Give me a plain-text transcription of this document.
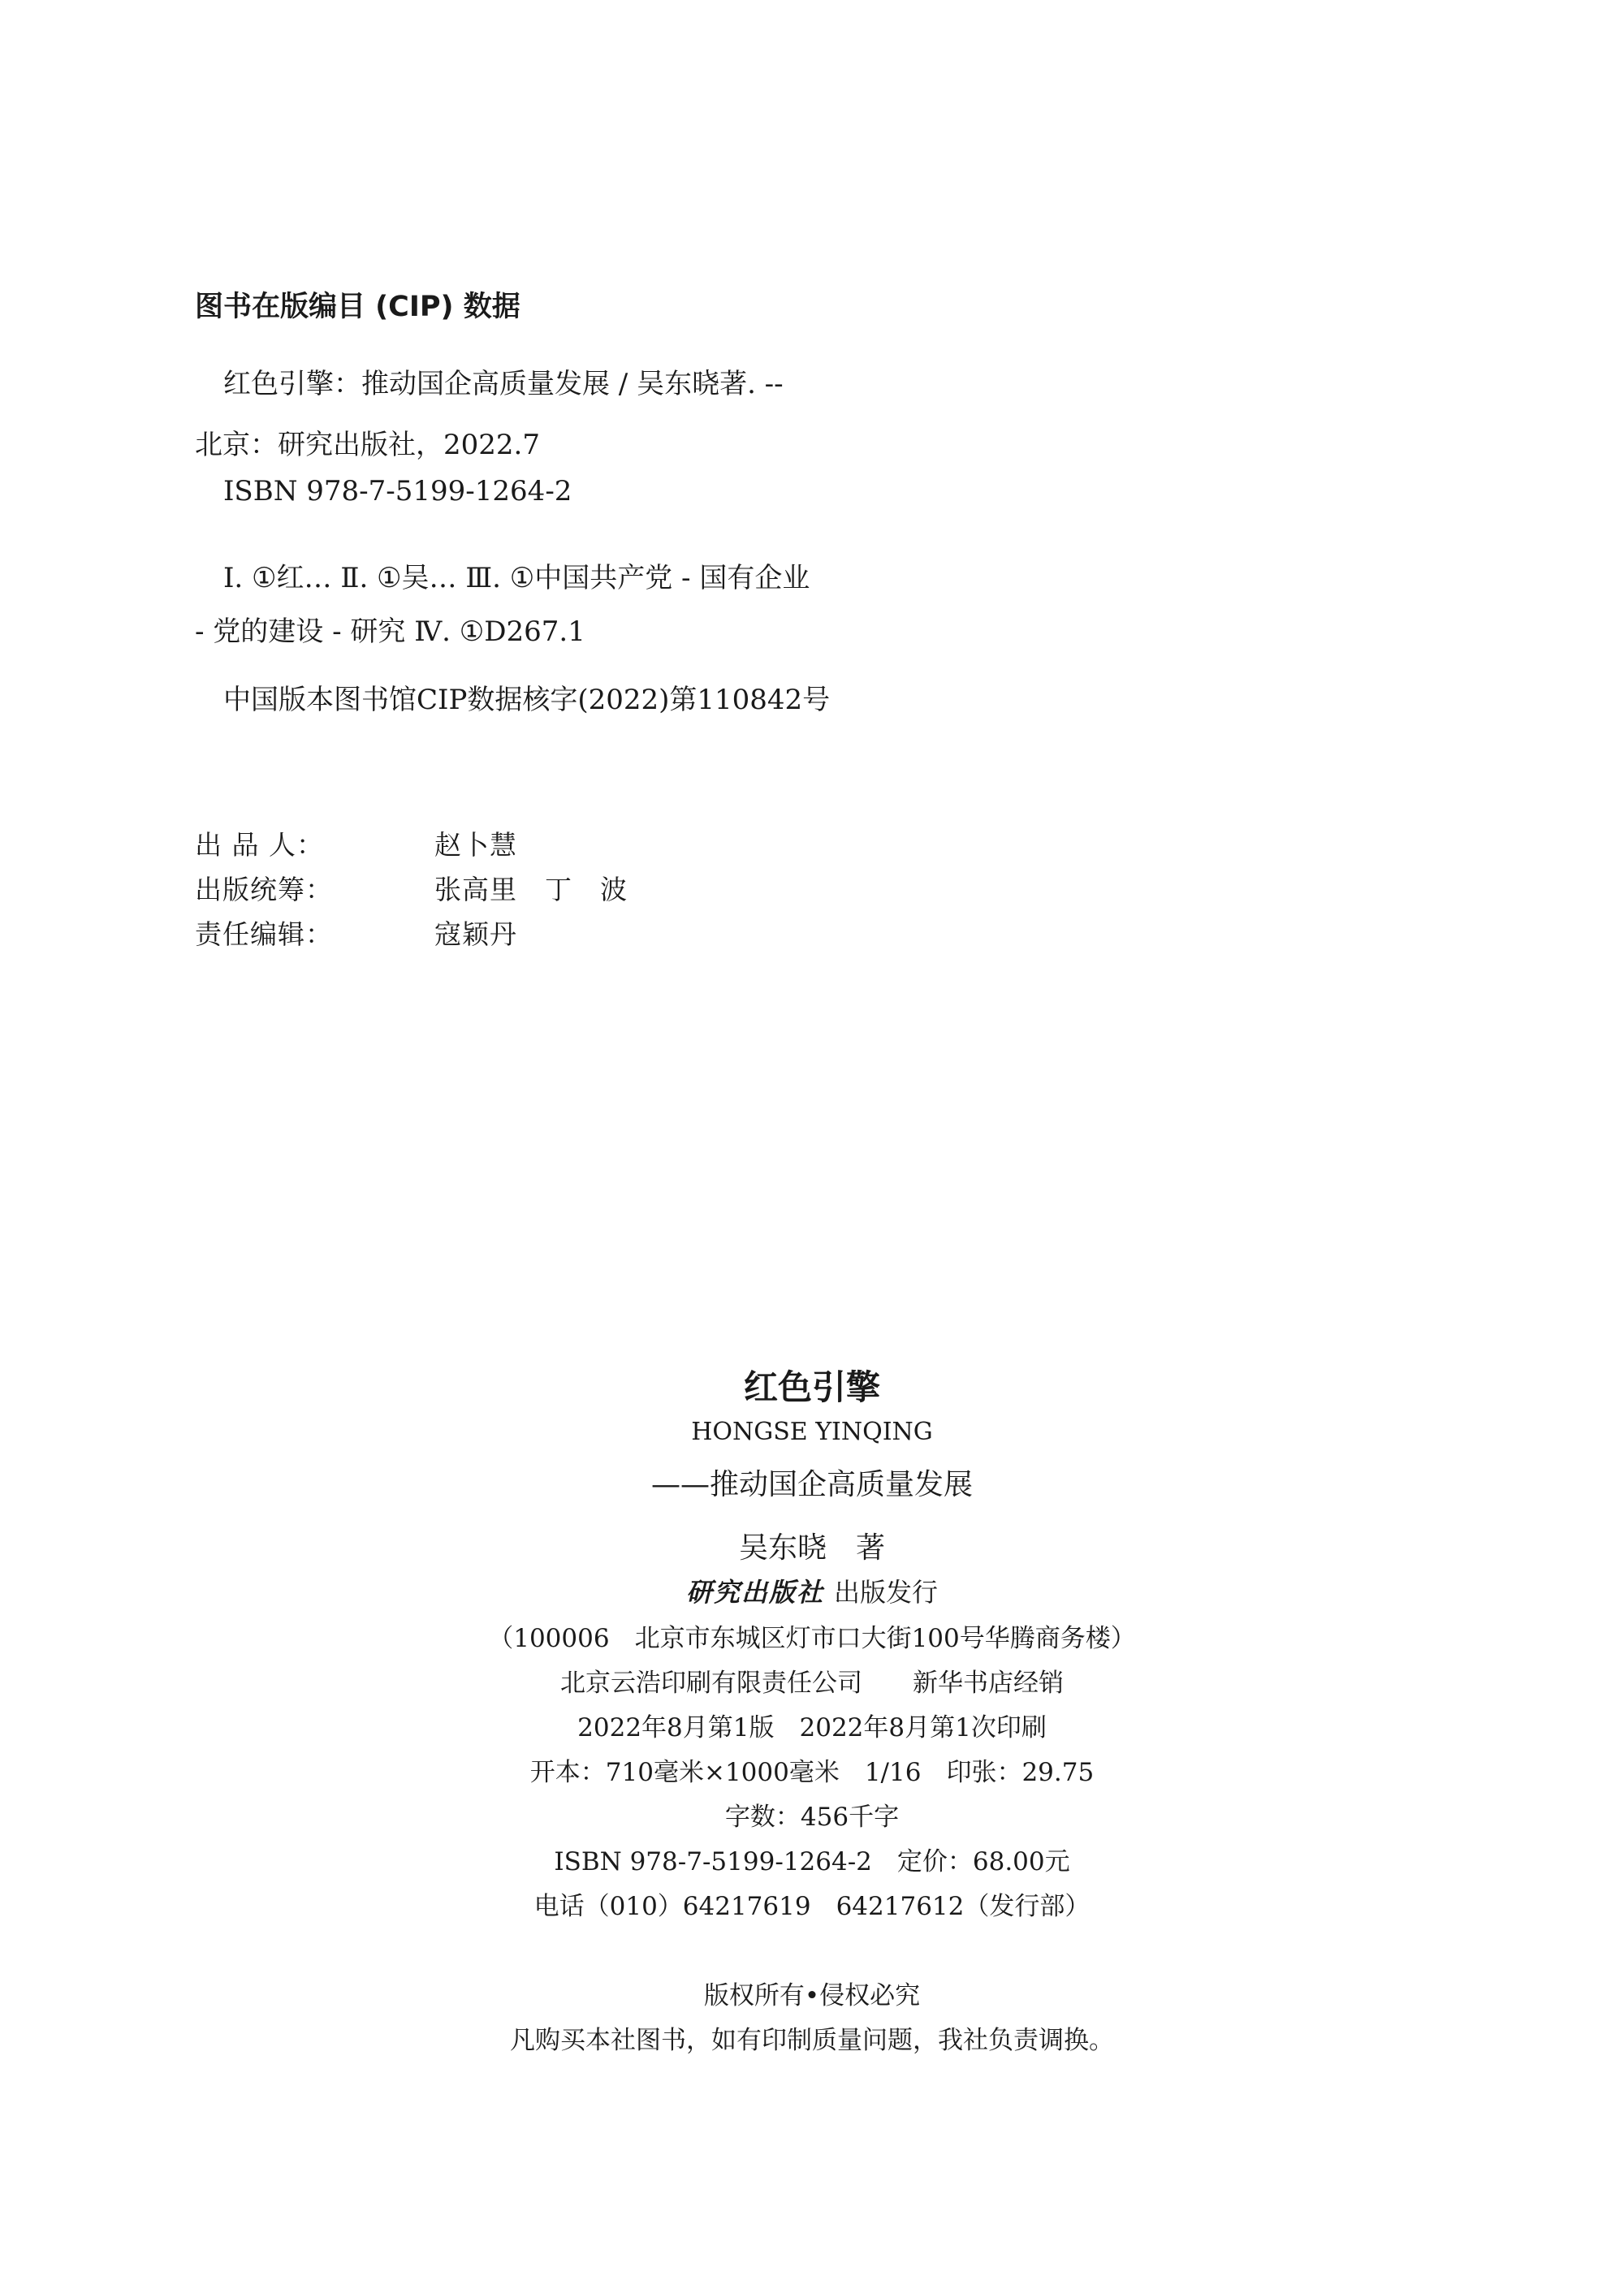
图书在版编目 (CIP) 数据
红色引擎：推动国企高质量发展 / 吴东晓著. --
北京：研究出版社，2022.7
ISBN 978-7-5199-1264-2
Ⅰ. ①红… Ⅱ. ①吴… Ⅲ. ①中国共产党 - 国有企业
- 党的建设 - 研究 Ⅳ. ①D267.1
中国版本图书馆CIP数据核字(2022)第110842号
出 品 人：	赵卜慧
出版统筹：	张高里　丁　波
责任编辑：	寇颖丹
红色引擎
HONGSE YINQING
——推动国企高质量发展
吴东晓　著
研究出版社 出版发行
（100006　北京市东城区灯市口大街100号华腾商务楼）
北京云浩印刷有限责任公司　　新华书店经销
2022年8月第1版　2022年8月第1次印刷
开本：710毫米×1000毫米　1/16　印张：29.75
字数：456千字
ISBN 978-7-5199-1264-2　定价：68.00元
电话（010）64217619　64217612（发行部）
版权所有•侵权必究
凡购买本社图书，如有印制质量问题，我社负责调换。
